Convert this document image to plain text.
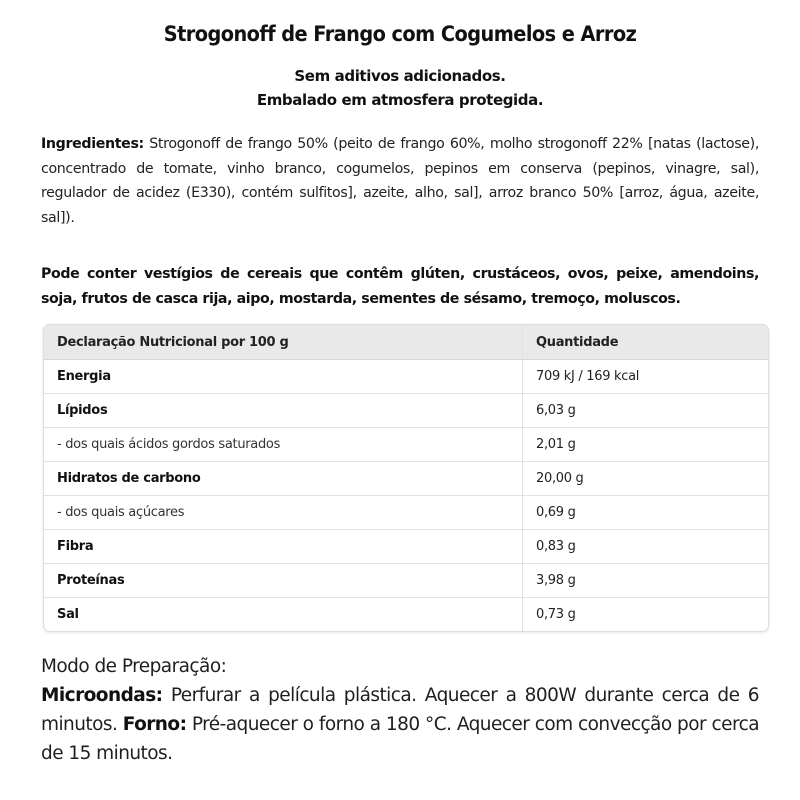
Strogonoff de Frango com Cogumelos e Arroz
Sem aditivos adicionados.
Embalado em atmosfera protegida.
Ingredientes: Strogonoff de frango 50% (peito de frango 60%, molho strogonoff 22% [natas (lactose), concentrado de tomate, vinho branco, cogumelos, pepinos em conserva (pepinos, vinagre, sal), regulador de acidez (E330), contém sulfitos], azeite, alho, sal], arroz branco 50% [arroz, água, azeite, sal]).
Pode conter vestígios de cereais que contêm glúten, crustáceos, ovos, peixe, amendoins, soja, frutos de casca rija, aipo, mostarda, sementes de sésamo, tremoço, moluscos.
Declaração Nutricional por 100 g	Quantidade
Energia	709 kJ / 169 kcal
Lípidos	6,03 g
- dos quais ácidos gordos saturados	2,01 g
Hidratos de carbono	20,00 g
- dos quais açúcares	0,69 g
Fibra	0,83 g
Proteínas	3,98 g
Sal	0,73 g
Modo de Preparação:
Microondas: Perfurar a película plástica. Aquecer a 800W durante cerca de 6 minutos. Forno: Pré-aquecer o forno a 180 °C. Aquecer com convecção por cerca de 15 minutos.
